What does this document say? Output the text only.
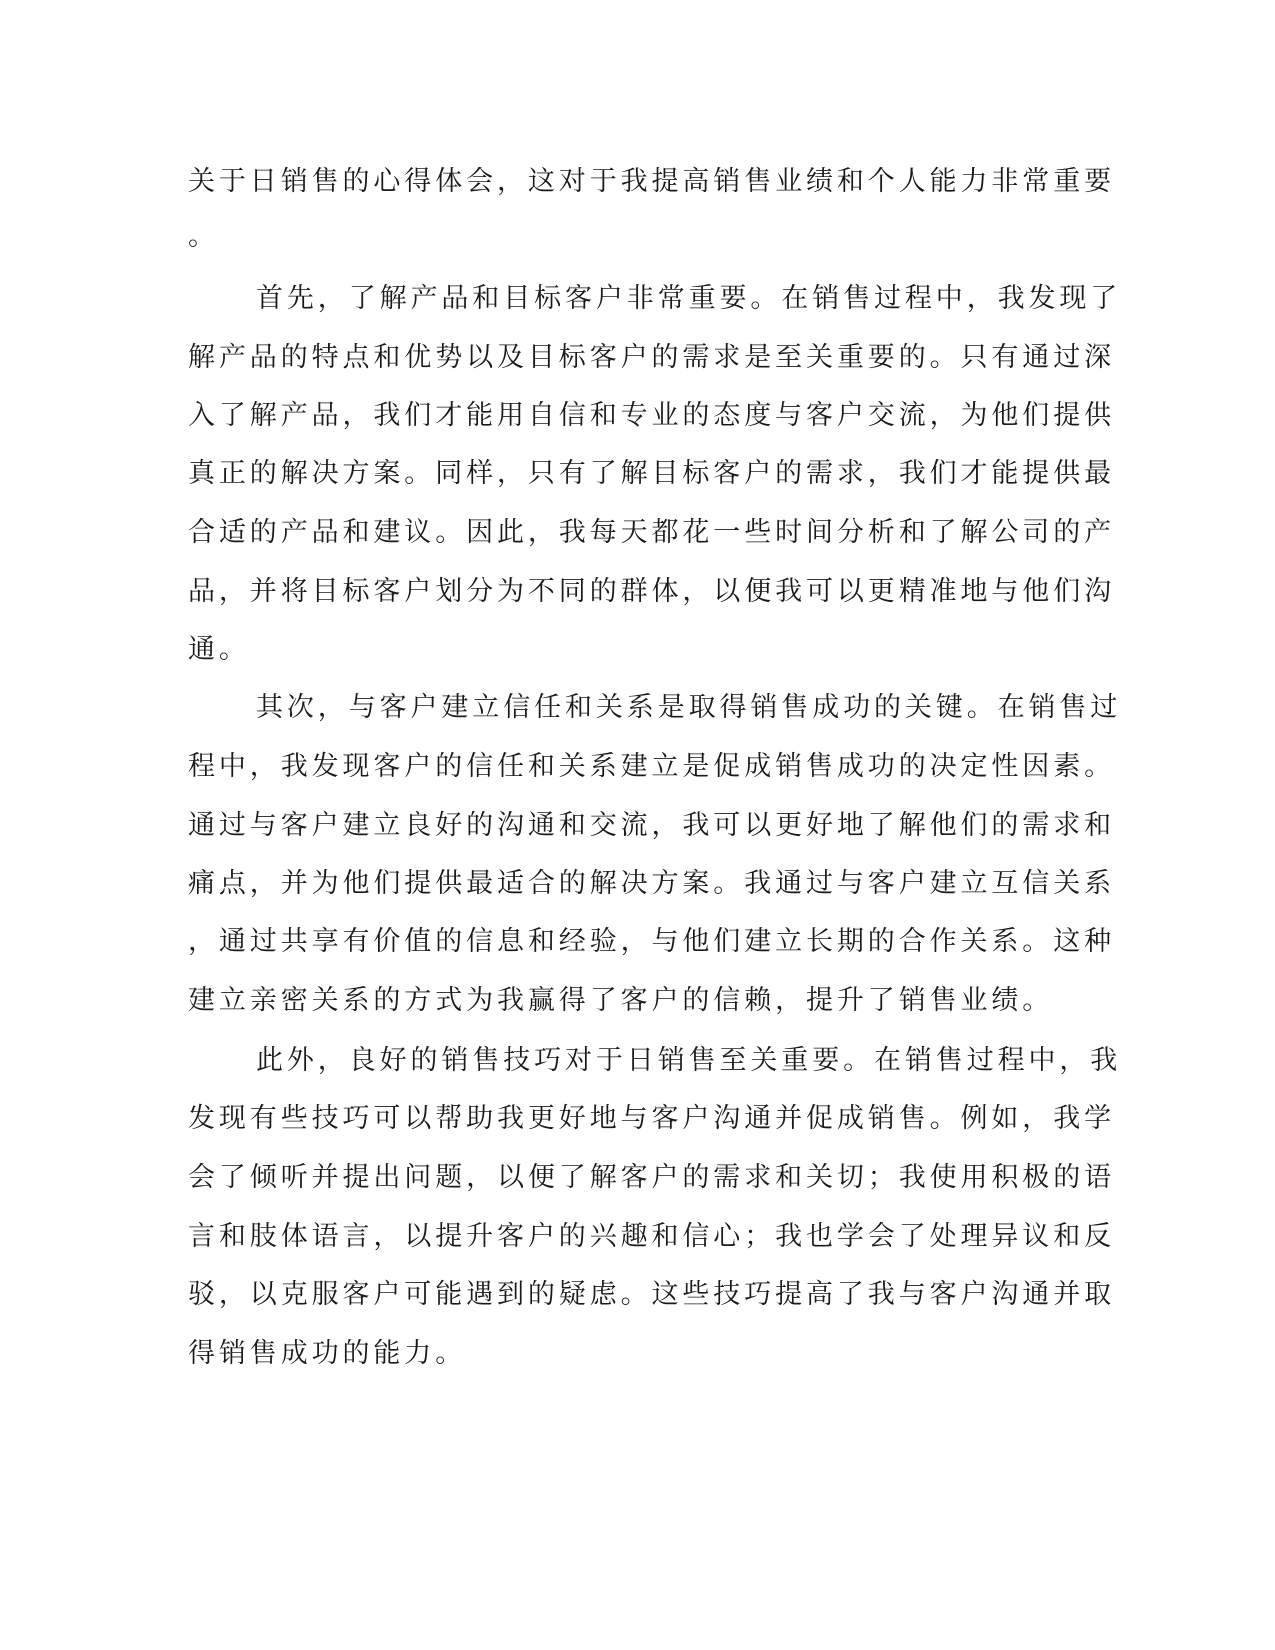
关于日销售的心得体会，这对于我提高销售业绩和个人能力非常重要
。
首先，了解产品和目标客户非常重要。在销售过程中，我发现了
解产品的特点和优势以及目标客户的需求是至关重要的。只有通过深
入了解产品，我们才能用自信和专业的态度与客户交流，为他们提供
真正的解决方案。同样，只有了解目标客户的需求，我们才能提供最
合适的产品和建议。因此，我每天都花一些时间分析和了解公司的产
品，并将目标客户划分为不同的群体，以便我可以更精准地与他们沟
通。
其次，与客户建立信任和关系是取得销售成功的关键。在销售过
程中，我发现客户的信任和关系建立是促成销售成功的决定性因素。
通过与客户建立良好的沟通和交流，我可以更好地了解他们的需求和
痛点，并为他们提供最适合的解决方案。我通过与客户建立互信关系
，通过共享有价值的信息和经验，与他们建立长期的合作关系。这种
建立亲密关系的方式为我赢得了客户的信赖，提升了销售业绩。
此外，良好的销售技巧对于日销售至关重要。在销售过程中，我
发现有些技巧可以帮助我更好地与客户沟通并促成销售。例如，我学
会了倾听并提出问题，以便了解客户的需求和关切；我使用积极的语
言和肢体语言，以提升客户的兴趣和信心；我也学会了处理异议和反
驳，以克服客户可能遇到的疑虑。这些技巧提高了我与客户沟通并取
得销售成功的能力。
